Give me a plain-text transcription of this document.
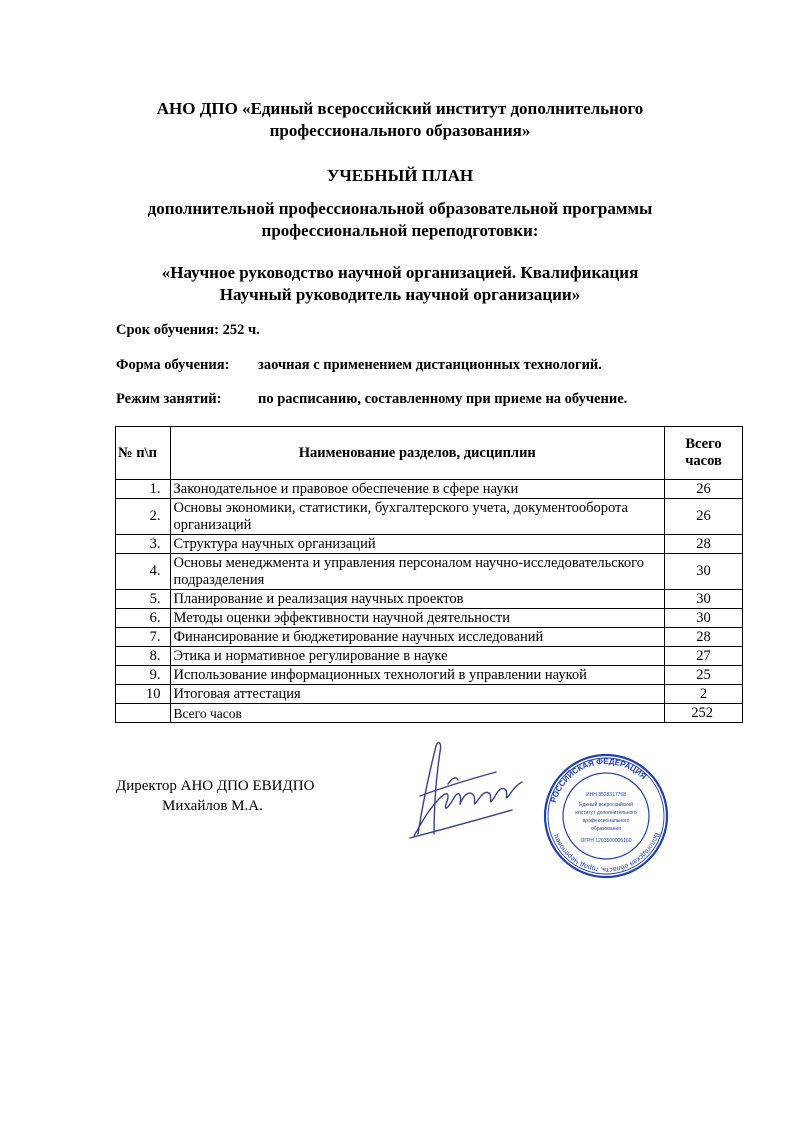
АНО ДПО «Единый всероссийский институт дополнительного профессионального образования»
УЧЕБНЫЙ ПЛАН
дополнительной профессиональной образовательной программы профессиональной переподготовки:
«Научное руководство научной организацией. Квалификация Научный руководитель научной организации»
Срок обучения: 252 ч.
Форма обучения: заочная с применением дистанционных технологий.
Режим занятий:	по расписанию, составленному при приеме на обучение.
№ п\п	Наименование разделов, дисциплин	Всего часов
1.	Законодательное и правовое обеспечение в сфере науки	26
2.	Основы экономики, статистики, бухгалтерского учета, документооборота организаций	26
3.	Структура научных организаций	28
4.	Основы менеджмента и управления персоналом научно-исследовательского подразделения	30
5.	Планирование и реализация научных проектов	30
6.	Методы оценки эффективности научной деятельности	30
7.	Финансирование и бюджетирование научных исследований	28
8.	Этика и нормативное регулирование в науке	27
9.	Использование информационных технологий в управлении наукой	25
10	Итоговая аттестация	2
	Всего часов	252
Директор АНО ДПО ЕВИДПО
Михайлов М.А.	РОССИЙСКАЯ ФЕДЕРАЦИЯ
Вологодская область, город Череповец
ИНН 3528317768
Единый всероссийский
институт дополнительного
профессионального
образования
ОГРН 1203500005160
